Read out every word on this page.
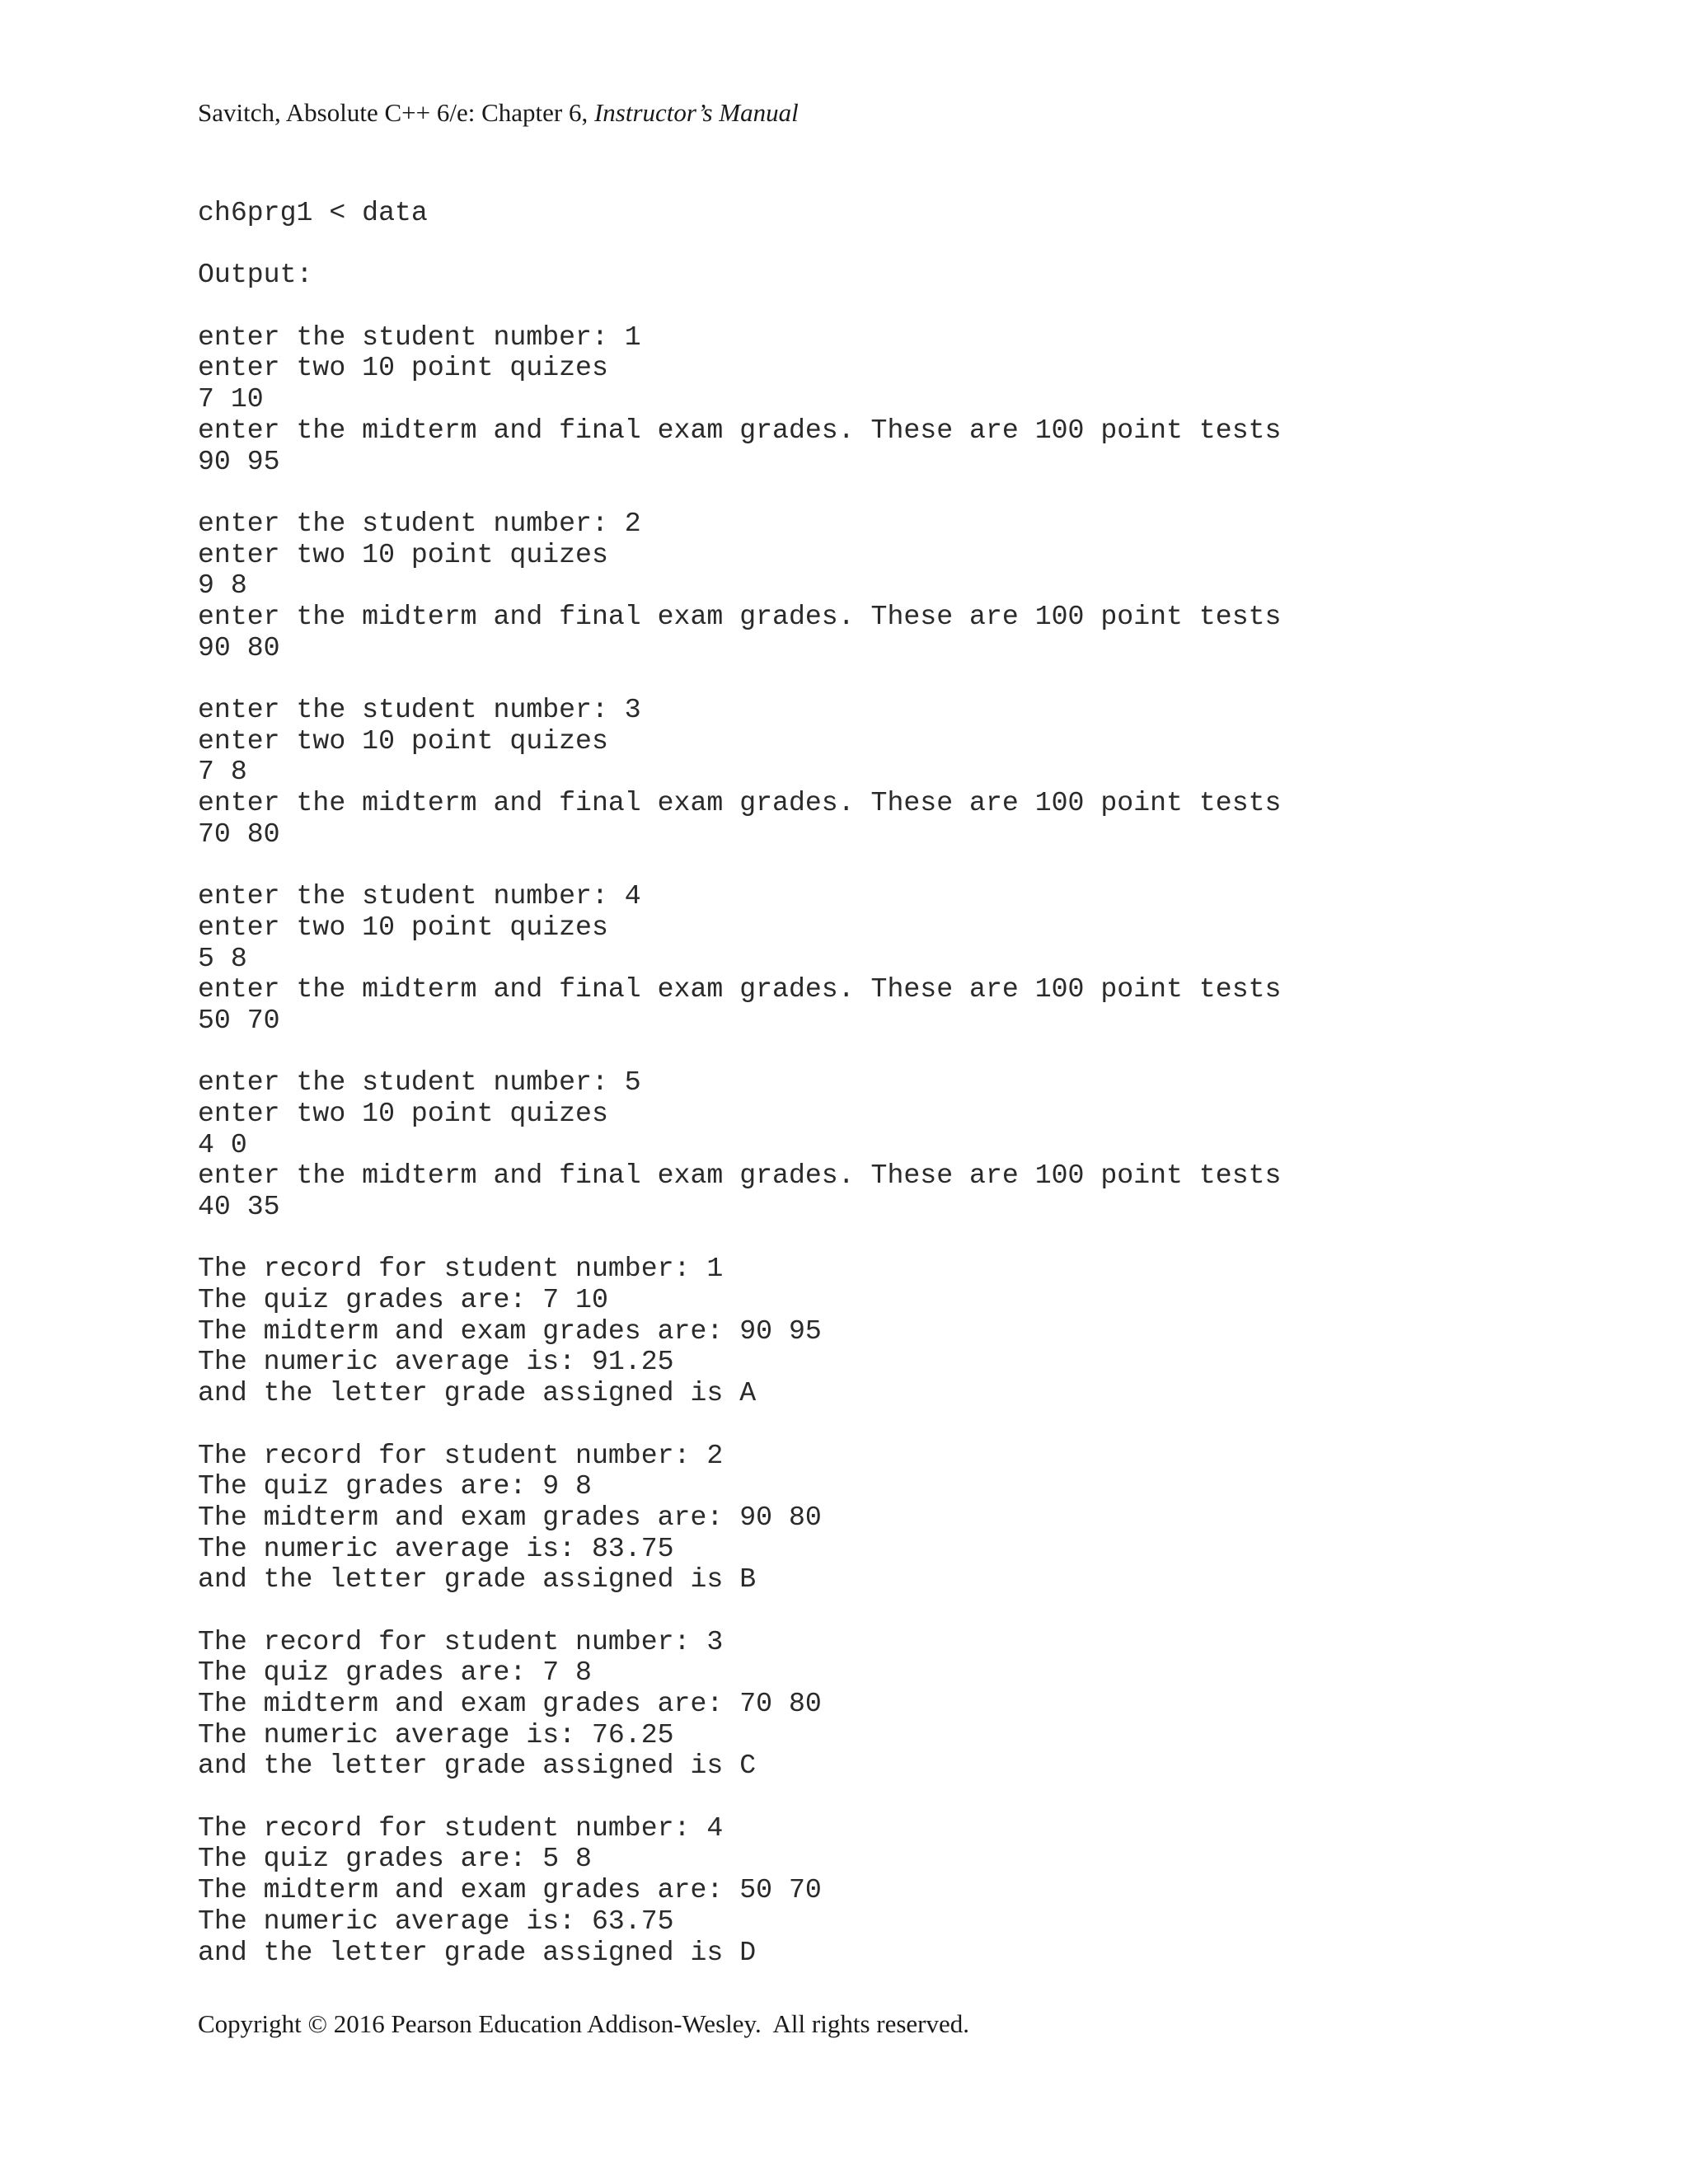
Savitch, Absolute C++ 6/e: Chapter 6, Instructor’s Manual
ch6prg1 < data
Output:
enter the student number: 1
enter two 10 point quizes
7 10
enter the midterm and final exam grades. These are 100 point tests
90 95
enter the student number: 2
enter two 10 point quizes
9 8
enter the midterm and final exam grades. These are 100 point tests
90 80
enter the student number: 3
enter two 10 point quizes
7 8
enter the midterm and final exam grades. These are 100 point tests
70 80
enter the student number: 4
enter two 10 point quizes
5 8
enter the midterm and final exam grades. These are 100 point tests
50 70
enter the student number: 5
enter two 10 point quizes
4 0
enter the midterm and final exam grades. These are 100 point tests
40 35
The record for student number: 1
The quiz grades are: 7 10
The midterm and exam grades are: 90 95
The numeric average is: 91.25
and the letter grade assigned is A
The record for student number: 2
The quiz grades are: 9 8
The midterm and exam grades are: 90 80
The numeric average is: 83.75
and the letter grade assigned is B
The record for student number: 3
The quiz grades are: 7 8
The midterm and exam grades are: 70 80
The numeric average is: 76.25
and the letter grade assigned is C
The record for student number: 4
The quiz grades are: 5 8
The midterm and exam grades are: 50 70
The numeric average is: 63.75
and the letter grade assigned is D
Copyright © 2016 Pearson Education Addison-Wesley.  All rights reserved.
